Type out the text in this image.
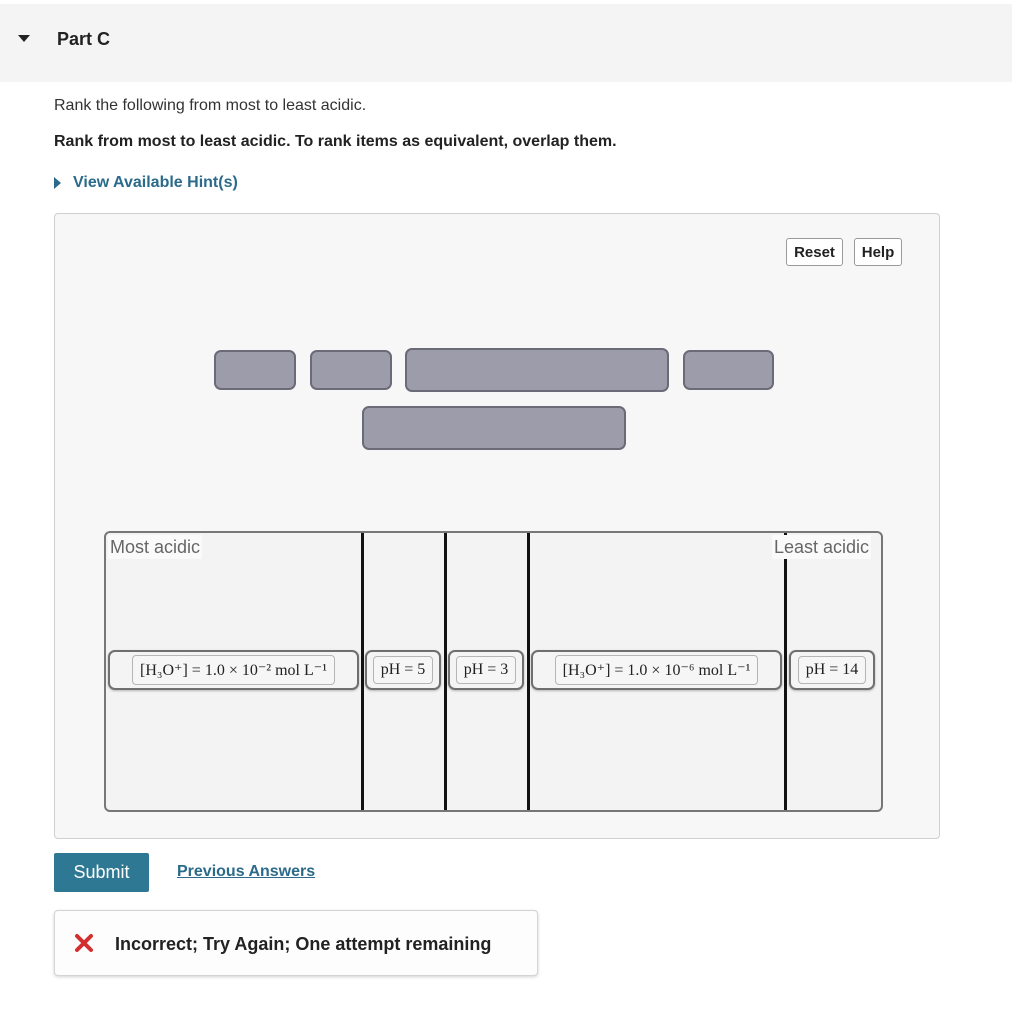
Part C
Rank the following from most to least acidic.
Rank from most to least acidic. To rank items as equivalent, overlap them.
View Available Hint(s)
Reset	Help
Most acidic	Least acidic
[H₃O⁺] = 1.0 × 10⁻² mol L⁻¹	pH = 5	pH = 3	[H₃O⁺] = 1.0 × 10⁻⁶ mol L⁻¹	pH = 14
Submit	Previous Answers
Incorrect; Try Again; One attempt remaining
